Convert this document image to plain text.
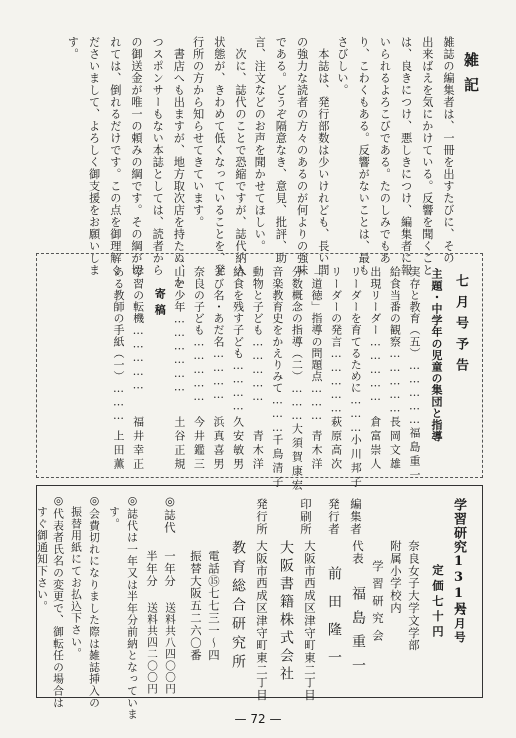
雑記
雑誌の編集者は、一冊を出すたびに、その
出来ばえを気にかけている。反響を聞くこと
は、良きにつけ、悪しきにつけ、編集者に報
いられるよろこびである。たのしみでもあ
り、こわくもある。反響がないことは、最も
さびしい。
本誌は、発行部数は少いけれども、長い間
の強力な読者の方々のあるのが何よりの強味
である。どうぞ隔意なき、意見、批評、助
言、注文などのお声を聞かせてほしい。
次に、誌代のことで恐縮ですが、誌代納入
状態が、きわめて低くなっていることを、発
行所の方から知らせてきています。
書店へも出ますが、地方取次店を持たぬ、か
つスポンサーもない本誌としては、読者から
の御送金が唯一の頼みの綱です。その綱が切
れては、倒れるだけです。この点を御理解く
ださいまして、よろしく御支援をお願いしま
す。
七月号予告
主題・中学年の児童の集団と指導
実存と教育（五）……………
福島重一
給食当番の観察……………
長岡文雄
出現リーダー……………
倉富崇人
リーダーを育てるために………
小川邦子
リーダーの発言……………
萩原高次
「道徳」指導の問題点………
青木洋
分数概念の指導（二）………
大須賀康宏
音楽教育史をかえりみて………
千鳥清子
動物と子ども……………
青木洋
給食を残す子ども…………
久安敏男
よび名・あだ名…………
浜真喜男
奈良の子ども……………
今井鑑三
山と少年………………
土谷正規
寄稿
学習の転機……………
福井幸正
ある教師の手紙（一）………
上田薫
学習研究131号
六月号
定価七十円
奈良女子大学文学部
附属小学校内
学習研究会
編集者
代表
福島重一
発行者
前田隆一
印刷所
大阪市西成区津守町東二丁目
大阪書籍株式会社
発行所
大阪市西成区津守町東二丁目
教育総合研究所
電話⑮七七三一～四
振替大阪五二六〇番
◎誌代
一年分
送料共八四〇〇円
半年分
送料共四二〇〇円
◎誌代は一年又は半年分前納となっていま
す。
◎会費切れになりました際は雑誌挿入の
振替用紙にてお払込下さい。
◎代表者氏名の変更で、御転任の場合は
すぐ御通知下さい。
— 72 —
